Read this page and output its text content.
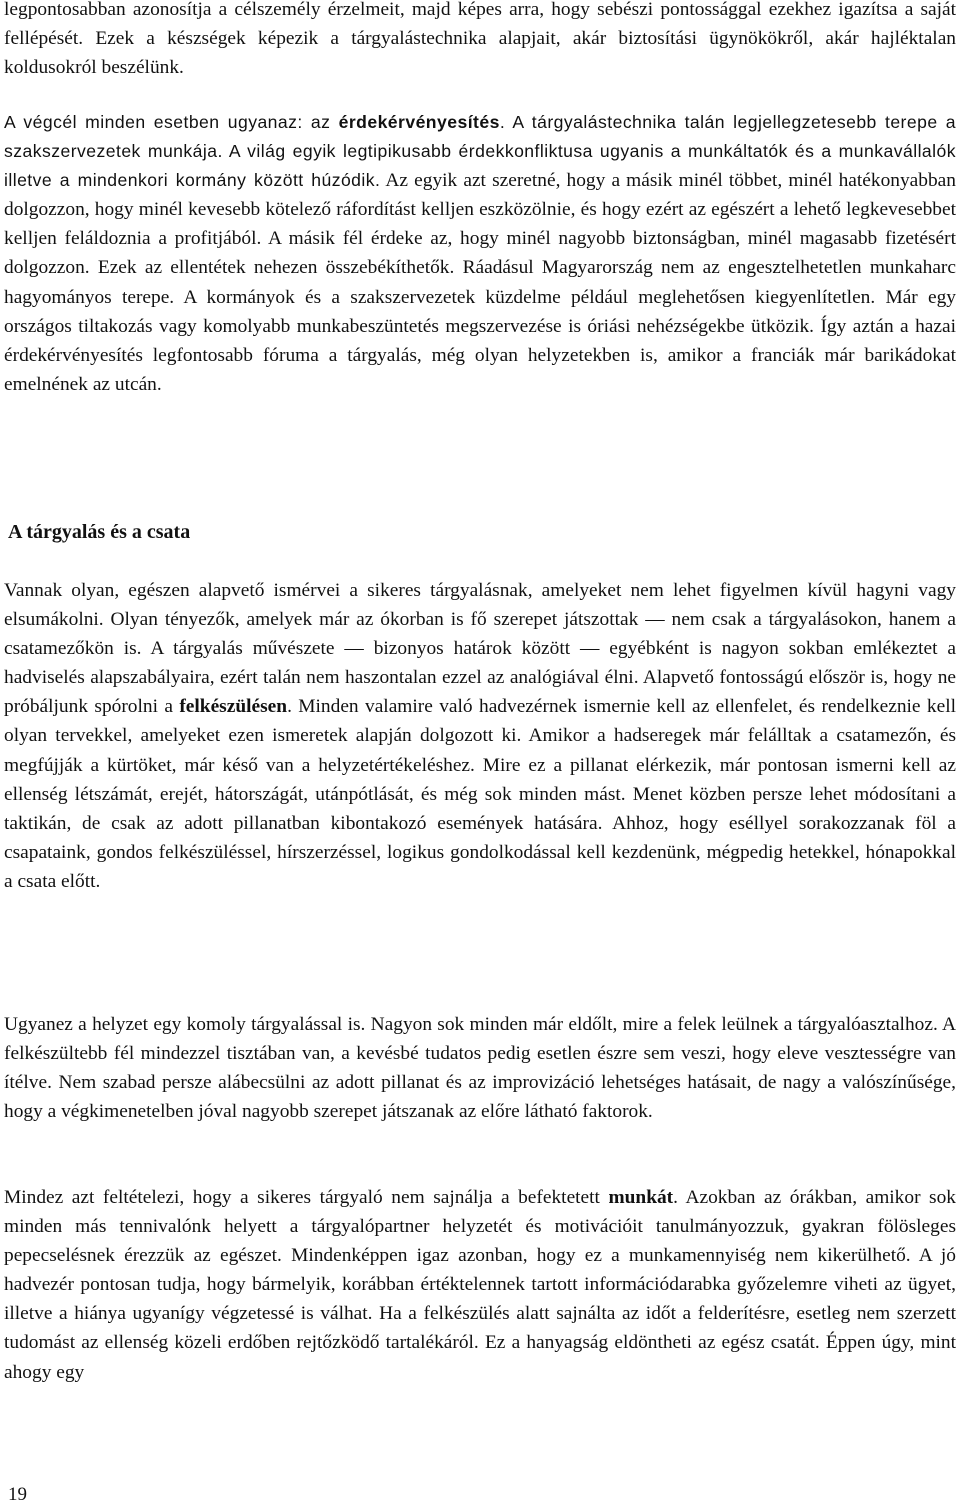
legpontosabban azonosítja a célszemély érzelmeit, majd képes arra, hogy sebészi pontossággal ezekhez igazítsa a saját fellépését. Ezek a készségek képezik a tárgyalástechnika alapjait, akár biztosítási ügynökökről, akár hajléktalan koldusokról beszélünk.

A végcél minden esetben ugyanaz: az érdekérvényesítés. A tárgyalástechnika talán legjellegzetesebb terepe a szakszervezetek munkája. A világ egyik legtipikusabb érdekkonfliktusa ugyanis a munkáltatók és a munkavállalók illetve a mindenkori kormány között húzódik. Az egyik azt szeretné, hogy a másik minél többet, minél hatékonyabban dolgozzon, hogy minél kevesebb kötelező ráfordítást kelljen eszközölnie, és hogy ezért az egészért a lehető legkevesebbet kelljen feláldoznia a profitjából. A másik fél érdeke az, hogy minél nagyobb biztonságban, minél magasabb fizetésért dolgozzon. Ezek az ellentétek nehezen összebékíthetők. Ráadásul Magyarország nem az engesztelhetetlen munkaharc hagyományos terepe. A kormányok és a szakszervezetek küzdelme például meglehetősen kiegyenlítetlen. Már egy országos tiltakozás vagy komolyabb munkabeszüntetés megszervezése is óriási nehézségekbe ütközik. Így aztán a hazai érdekérvényesítés legfontosabb fóruma a tárgyalás, még olyan helyzetekben is, amikor a franciák már barikádokat emelnének az utcán.

A tárgyalás és a csata

Vannak olyan, egészen alapvető ismérvei a sikeres tárgyalásnak, amelyeket nem lehet figyelmen kívül hagyni vagy elsumákolni. Olyan tényezők, amelyek már az ókorban is fő szerepet játszottak — nem csak a tárgyalásokon, hanem a csatamezőkön is. A tárgyalás művészete — bizonyos határok között — egyébként is nagyon sokban emlékeztet a hadviselés alapszabályaira, ezért talán nem haszontalan ezzel az analógiával élni. Alapvető fontosságú először is, hogy ne próbáljunk spórolni a felkészülésen. Minden valamire való hadvezérnek ismernie kell az ellenfelet, és rendelkeznie kell olyan tervekkel, amelyeket ezen ismeretek alapján dolgozott ki. Amikor a hadseregek már felálltak a csatamezőn, és megfújják a kürtöket, már késő van a helyzetértékeléshez. Mire ez a pillanat elérkezik, már pontosan ismerni kell az ellenség létszámát, erejét, hátországát, utánpótlását, és még sok minden mást. Menet közben persze lehet módosítani a taktikán, de csak az adott pillanatban kibontakozó események hatására. Ahhoz, hogy eséllyel sorakozzanak föl a csapataink, gondos felkészüléssel, hírszerzéssel, logikus gondolkodással kell kezdenünk, mégpedig hetekkel, hónapokkal a csata előtt.

Ugyanez a helyzet egy komoly tárgyalással is. Nagyon sok minden már eldőlt, mire a felek leülnek a tárgyalóasztalhoz. A felkészültebb fél mindezzel tisztában van, a kevésbé tudatos pedig esetlen észre sem veszi, hogy eleve vesztességre van ítélve. Nem szabad persze alábecsülni az adott pillanat és az improvizáció lehetséges hatásait, de nagy a valószínűsége, hogy a végkimenetelben jóval nagyobb szerepet játszanak az előre látható faktorok.

Mindez azt feltételezi, hogy a sikeres tárgyaló nem sajnálja a befektetett munkát. Azokban az órákban, amikor sok minden más tennivalónk helyett a tárgyalópartner helyzetét és motivációit tanulmányozzuk, gyakran fölösleges pepecselésnek érezzük az egészet. Mindenképpen igaz azonban, hogy ez a munkamennyiség nem kikerülhető. A jó hadvezér pontosan tudja, hogy bármelyik, korábban értéktelennek tartott információdarabka győzelemre viheti az ügyet, illetve a hiánya ugyanígy végzetessé is válhat. Ha a felkészülés alatt sajnálta az időt a felderítésre, esetleg nem szerzett tudomást az ellenség közeli erdőben rejtőzködő tartalékáról. Ez a hanyagság eldöntheti az egész csatát. Éppen úgy, mint ahogy egy

19
